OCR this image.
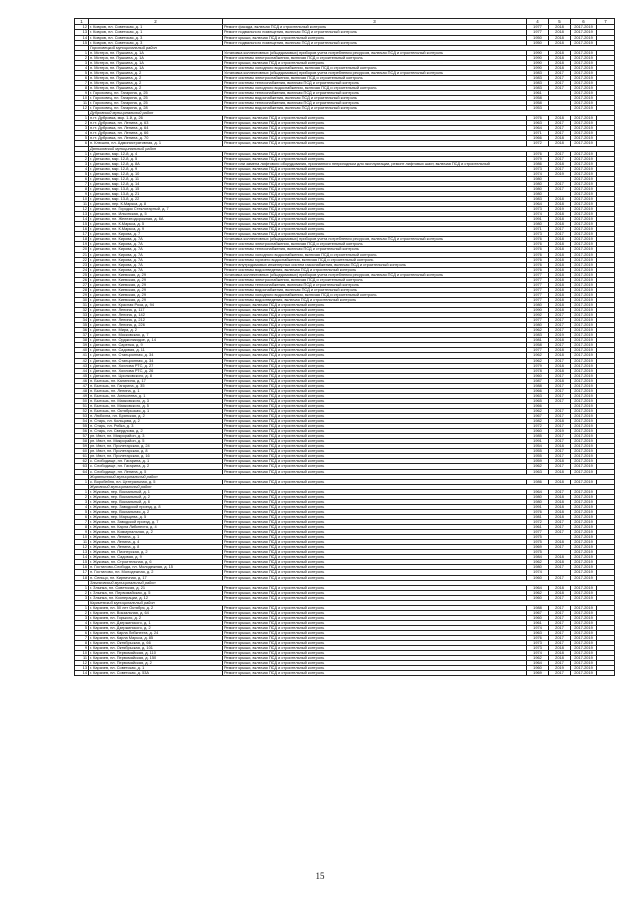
1	2	3	4	5	6	7
12	г. Ковров, пл. Советская, д. 1	Ремонт фасада, включая ПСД и строительный контроль	1977	2018	2017-2019	
13	г. Ковров, пл. Советская, д. 1	Ремонт подвального помещения, включая ПСД и строительный контроль	1977	2018	2017-2019	
14	г. Ковров, пл. Советская, д. 3	Ремонт крыши, включая ПСД и строительный контроль	1950	2018	2017-2019	
15	г. Ковров, пл. Советская, д. 3	Ремонт подвального помещения, включая ПСД и строительный контроль	1950	2018	2017-2019	
	Гороховецкий муниципальный район					
1	п. Мстера, пл. Пушкина, д. 1А	Установка коллективных (общедомовых) приборов учета потребления ресурсов, включая ПСД и строительный контроль	1990	2018	2017-2019	
2	п. Мстера, пл. Пушкина, д. 1А	Ремонт системы электроснабжения, включая ПСД и строительный контроль	1990	2018	2017-2019	
3	п. Мстера, пл. Пушкина, д. 1А	Ремонт крыши, включая ПСД и строительный контроль	1990	2018	2017-2019	
4	п. Мстера, пл. Пушкина, д. 1А	Ремонт системы холодного водоснабжения, включая ПСД и строительный контроль	1990	2018	2017-2019	
5	п. Мстера, пл. Пушкина, д. 2	Установка коллективных (общедомовых) приборов учета потребления ресурсов, включая ПСД и строительный контроль	1983	2017	2017-2019	
6	п. Мстера, пл. Пушкина, д. 2	Ремонт системы электроснабжения, включая ПСД и строительный контроль	1983	2017	2017-2019	
7	п. Мстера, пл. Пушкина, д. 2	Ремонт системы теплоснабжения, включая ПСД и строительный контроль	1983	2017	2017-2019	
8	п. Мстера, пл. Пушкина, д. 2	Ремонт системы холодного водоснабжения, включая ПСД и строительный контроль	1983	2017	2017-2019	
9	г. Гороховец, пл. Гагарина, д. 25	Ремонт системы теплоснабжения, включая ПСД и строительный контроль	1961		2017-2019	
10	г. Гороховец, пл. Гагарина, д. 25	Ремонт системы водоснабжения, включая ПСД и строительный контроль	1958		2017-2019	
11	г. Гороховец, пл. Гагарина, д. 25	Ремонт системы теплоснабжения, включая ПСД и строительный контроль	1958		2017-2019	
12	г. Гороховец, пл. Гагарина, д. 28	Ремонт системы водоснабжения, включая ПСД и строительный контроль	1953		2017-2019	
	Дубровский муниципальный район					
1	п.гт. Дубровка, мкр. 1-й, д. 26	Ремонт крыши, включая ПСД и строительный контроль	1976	2018	2017-2019	
2	п.гт. Дубровка, пл. Ленина, д. 63	Ремонт крыши, включая ПСД и строительный контроль	1963	2017	2017-2019	
3	п.гт. Дубровка, пл. Ленина, д. 64	Ремонт крыши, включая ПСД и строительный контроль	1964	2017	2017-2019	
4	п.гт. Дубровка, пл. Ленина, д. 66	Ремонт крыши, включая ПСД и строительный контроль	1971	2017	2017-2019	
5	п.гт. Дубровка, пл. Ленина, д. 70	Ремонт крыши, включая ПСД и строительный контроль	1966	2018	2017-2019	
6	п. Клюшня, пл. Административная, д. 1	Ремонт крыши, включая ПСД и строительный контроль	1972	2018	2017-2019	
	Дятьковский муниципальный район					
1	г. Дятьково, мкр. 12-й, д. 4	Ремонт крыши, включая ПСД и строительный контроль	1976	2017	2017-2019	
2	г. Дятьково, мкр. 12-й, д. 5	Ремонт крыши, включая ПСД и строительный контроль	1979	2017	2017-2019	
3	г. Дятьково, мкр. 12-й, д. 8А	Ремонт или замена лифтового оборудования, признанного непригодным для эксплуатации, ремонт лифтовых шахт, включая ПСД и строительный	1986	2018	2017-2019	
4	г. Дятьково, мкр. 12-й, д. 9	Ремонт крыши, включая ПСД и строительный контроль	1973	2017	2017-2019	
5	г. Дятьково, мкр. 12-й, д. 10	Ремонт крыши, включая ПСД и строительный контроль	1974	2019	2017-2019	
6	г. Дятьково, мкр. 12-й, д. 11	Ремонт крыши, включая ПСД и строительный контроль	1980		2017-2019	
7	г. Дятьково, мкр. 12-й, д. 14	Ремонт крыши, включая ПСД и строительный контроль	1980	2017	2017-2019	
8	г. Дятьково, мкр. 13-й, д. 15	Ремонт крыши, включая ПСД и строительный контроль	1980	2017	2017-2019	
9	г. Дятьково, мкр. 13-й, д. 21	Ремонт крыши, включая ПСД и строительный контроль	1980		2017-2019	
10	г. Дятьково, мкр. 13-й, д. 22	Ремонт крыши, включая ПСД и строительный контроль	1983	2018	2017-2019	
11	г. Дятьково, пер. К.Маркса, д. 8	Ремонт крыши, включая ПСД и строительный контроль	1964	2018	2017-2019	
12	г. Дятьково, пл. Городок Стеклотарный, д. 7	Ремонт крыши, включая ПСД и строительный контроль	1973	2019	2017-2019	
13	г. Дятьково, пл. Ильинская, д. 5	Ремонт крыши, включая ПСД и строительный контроль	1974	2018	2017-2019	
14	г. Дятьково, пл. Железнодорожная, д. 6А	Ремонт крыши, включая ПСД и строительный контроль	1991	2018	2017-2019	
15	г. Дятьково, пл. К.Маркса, д. 5	Ремонт крыши, включая ПСД и строительный контроль	1980	2018	2017-2019	
16	г. Дятьково, пл. К.Маркса, д. 9	Ремонт крыши, включая ПСД и строительный контроль	1971	2017	2017-2019	
17	г. Дятьково, пл. Кирова, д. 7	Ремонт крыши, включая ПСД и строительный контроль	1973	2017	2017-2019	
18	г. Дятьково, пл. Кирова, д. 7А	Установка коллективных (общедомовых) приборов учета потребления ресурсов, включая ПСД и строительный контроль	1976	2018	2017-2019	
19	г. Дятьково, пл. Кирова, д. 7А	Ремонт системы электроснабжения, включая ПСД и строительный контроль	1976	2018	2017-2019	
20	г. Дятьково, пл. Кирова, д. 7А	Ремонт системы теплоснабжения, включая ПСД и строительный контроль	1976	2018	2017-2019	
21	г. Дятьково, пл. Кирова, д. 7А	Ремонт системы холодного водоснабжения, включая ПСД и строительный контроль	1976	2018	2017-2019	
22	г. Дятьково, пл. Кирова, д. 7А	Ремонт системы горячего водоснабжения, включая ПСД и строительный контроль	1976	2018	2017-2019	
23	г. Дятьково, пл. Кирова, д. 7А	Ремонт внутридомовых инженерных систем газоснабжения, включая ПСД и строительный контроль	1976	2018	2017-2019	
24	г. Дятьково, пл. Кирова, д. 7А	Ремонт системы водоотведения, включая ПСД и строительный контроль	1976	2018	2017-2019	
25	г. Дятьково, пл. Киевская, д. 29	Установка коллективных (общедомовых) приборов учета потребления ресурсов, включая ПСД и строительный контроль	1977	2018	2017-2019	
26	г. Дятьково, пл. Киевская, д. 29	Ремонт системы электроснабжения, включая ПСД и строительный контроль	1977	2018	2017-2019	
27	г. Дятьково, пл. Киевская, д. 29	Ремонт системы теплоснабжения, включая ПСД и строительный контроль	1977	2018	2017-2019	
28	г. Дятьково, пл. Киевская, д. 29	Ремонт системы водоснабжения, включая ПСД и строительный контроль	1977	2018	2017-2019	
29	г. Дятьково, пл. Киевская, д. 29	Ремонт системы холодного водоснабжения, включая ПСД и строительный контроль	1977	2018	2017-2019	
30	г. Дятьково, пл. Киевская, д. 29	Ремонт системы водоотведения, включая ПСД и строительный контроль	1977	2018	2017-2019	
31	г. Дятьково, пл. Красная Роза, д. 94	Ремонт крыши, включая ПСД и строительный контроль	1980	2018	2017-2019	
32	г. Дятьково, пл. Ленина, д. 117	Ремонт крыши, включая ПСД и строительный контроль	1990	2018	2017-2019	
33	г. Дятьково, пл. Ленина, д. 142	Ремонт крыши, включая ПСД и строительный контроль	1992	2017	2017-2019	
34	г. Дятьково, пл. Ленина, д. 212	Ремонт крыши, включая ПСД и строительный контроль	1977	2017	2017-2019	
35	г. Дятьково, пл. Ленина, д. 226	Ремонт крыши, включая ПСД и строительный контроль	1980	2017	2017-2019	
36	г. Дятьково, пл. Мира, д. 2	Ремонт крыши, включая ПСД и строительный контроль	1962	2017	2017-2019	
37	г. Дятьково, пл. Московская, д. 7	Ремонт крыши, включая ПСД и строительный контроль	1983	2019	2017-2019	
38	г. Дятьково, пл. Орджоникидзе, д. 14	Ремонт крыши, включая ПСД и строительный контроль	1981	2018	2017-2019	
39	г. Дятьково, пл. Саренка, д. 9	Ремонт крыши, включая ПСД и строительный контроль	1958	2017	2017-2019	
40	г. Дятьково, пл. Садовая, д. 11	Ремонт крыши, включая ПСД и строительный контроль	1977	2018	2017-2019	
41	г. Дятьково, пл. Станционная, д. 34	Ремонт крыши, включая ПСД и строительный контроль	1962	2018	2017-2019	
42	г. Дятьково, пл. Станционная, д. 34	Ремонт крыши, включая ПСД и строительный контроль	1962	2017	2017-2019	
43	г. Дятьково, пл. Хохлова РТС, д. 27	Ремонт крыши, включая ПСД и строительный контроль	1979	2018	2017-2019	
44	г. Дятьково, пл. Хохлова РТС, д. 26	Ремонт крыши, включая ПСД и строительный контроль	1978	2018	2017-2019	
45	г. Дятьково, пл. Циолковского, д. 8	Ремонт крыши, включая ПСД и строительный контроль	1960	2017	2017-2019	
46	п. Бытошь, пл. Калинина, д. 17	Ремонт крыши, включая ПСД и строительный контроль	1987	2018	2017-2019	
47	п. Бытошь, пл. Гагарина, д. 35	Ремонт крыши, включая ПСД и строительный контроль	1988	2017	2017-2019	
48	п. Бытошь, пл. Ленина, д. 1	Ремонт крыши, включая ПСД и строительный контроль	1966	2017	2017-2019	
49	п. Бытошь, пл. Алексеева, д. 1	Ремонт крыши, включая ПСД и строительный контроль	1963	2017	2017-2019	
50	п. Бытошь, пл. Маяковского, д. 3	Ремонт крыши, включая ПСД и строительный контроль	1965	2017	2017-2019	
51	п. Бытошь, пл. Маяковского, д. 5	Ремонт крыши, включая ПСД и строительный контроль	1966		2017-2019	
52	п. Бытошь, пл. Октябрьская, д. 1	Ремонт крыши, включая ПСД и строительный контроль	1962	2017	2017-2019	
53	п. Любохна, пл. Брянская, д. 2	Ремонт крыши, включая ПСД и строительный контроль	1967	2017	2017-2019	
54	п. Старь, пл. Кольцова, д. 2	Ремонт крыши, включая ПСД и строительный контроль	1982	2018	2017-2019	
55	п. Старь, пл. Рябка, д. 3	Ремонт крыши, включая ПСД и строительный контроль	1972	2017	2017-2019	
56	п. Старь, пл. Свердлова, д. 2	Ремонт крыши, включая ПСД и строительный контроль	1960	2019	2017-2019	
57	рп. Ивот, пл. Микрорайон, д. 3	Ремонт крыши, включая ПСД и строительный контроль	1985	2017	2017-2019	
58	рп. Ивот, пл. Микрорайон, д. 5	Ремонт крыши, включая ПСД и строительный контроль	1991	2017	2017-2019	
59	рп. Ивот, пл. Пролетарская, д. 24	Ремонт крыши, включая ПСД и строительный контроль	1954	2018	2017-2019	
60	рп. Ивот, пл. Пролетарская, д. 8	Ремонт крыши, включая ПСД и строительный контроль	1955	2017	2017-2019	
61	рп. Ивот, пл. Пролетарская, д. 16	Ремонт крыши, включая ПСД и строительный контроль	1955	2017	2017-2019	
62	с. Слободище, пл. Гагарина, д. 1	Ремонт крыши, включая ПСД и строительный контроль	1959	2018	2017-2019	
63	с. Слободище, пл. Гагарина, д. 2	Ремонт крыши, включая ПСД и строительный контроль	1962	2017	2017-2019	
64	с. Слободище, пл. Ленина, д. 5	Ремонт крыши, включая ПСД и строительный контроль	1963	2018	2017-2019	
	Жирятинский муниципальный район					
1	с. Воробейня, пл. Центральная, д. 5	Ремонт крыши, включая ПСД и строительный контроль	1986	2018	2017-2019	
	Жуковский муниципальный район					
1	г. Жуковка, пер. Вокзальный, д. 1	Ремонт крыши, включая ПСД и строительный контроль	1964	2017	2017-2019	
2	г. Жуковка, пер. Вокзальный, д. 2	Ремонт крыши, включая ПСД и строительный контроль	1980	2018	2017-2019	
3	г. Жуковка, пер. Вокзальный, д. 6	Ремонт крыши, включая ПСД и строительный контроль	1980	2018	2017-2019	
4	г. Жуковка, пер. Заводской проезд, д. 8	Ремонт крыши, включая ПСД и строительный контроль	1991	2018	2017-2019	
5	г. Жуковка, пер. Вокзальная, д. 2	Ремонт крыши, включая ПСД и строительный контроль	1976	2018	2017-2019	
6	г. Жуковка, пер. Марьцева, д. 5	Ремонт крыши, включая ПСД и строительный контроль	1981	2018	2017-2019	
7	г. Жуковка, пл. Заводской проезд, д. 7	Ремонт крыши, включая ПСД и строительный контроль	1972	2017	2017-2019	
8	г. Жуковка, пл. Карла Либкнехта, д. 4	Ремонт крыши, включая ПСД и строительный контроль	1961	2017	2017-2019	
9	г. Жуковка, пл. Коммунальная, д. 2	Ремонт крыши, включая ПСД и строительный контроль	1977	2017	2017-2019	
10	г. Жуковка, пл. Ленина, д. 1	Ремонт крыши, включая ПСД и строительный контроль	1975		2017-2019	
11	г. Жуковка, пл. Ленина, д. 4	Ремонт крыши, включая ПСД и строительный контроль	1975	2018	2017-2019	
12	г. Жуковка, пл. Ленина, д. 8	Ремонт крыши, включая ПСД и строительный контроль	1969	2017	2017-2019	
13	г. Жуковка, пл. Пионерская, д. 2	Ремонт крыши, включая ПСД и строительный контроль	1975		2017-2019	
14	г. Жуковка, пл. Садовая, д. 9	Ремонт крыши, включая ПСД и строительный контроль	1984	2018	2017-2019	
15	г. Жуковка, пл. Строительная, д. 6	Ремонт крыши, включая ПСД и строительный контроль	1962	2018	2017-2019	
16	п. Гостилово-Слобода, пл. Молодежная, д. 15	Ремонт крыши, включая ПСД и строительный контроль	1980	2017	2017-2019	
17	п. Гостилово, пл. Молодежная, д. 2	Ремонт крыши, включая ПСД и строительный контроль	1974		2017-2019	
18	п. Сельцо, пл. Кирпичная, д. 17	Ремонт крыши, включая ПСД и строительный контроль	1960	2017	2017-2019	
	Злынковский муниципальный район					
1	г. Злынка, пл. Советская, д. 21	Ремонт крыши, включая ПСД и строительный контроль	1964	2018	2017-2019	
2	г. Злынка, пл. Первомайская, д. 5	Ремонт крыши, включая ПСД и строительный контроль	1962	2018	2017-2019	
3	г. Злынка, пл. Кооперации, д. 12	Ремонт крыши, включая ПСД и строительный контроль	1960	2017	2017-2019	
	Карачевский муниципальный район					
1	г. Карачев, пл. 50 лет Октября, д. 2	Ремонт крыши, включая ПСД и строительный контроль	1988	2017	2017-2019	
2	г. Карачев, пл. Вокзальная, д. 64	Ремонт крыши, включая ПСД и строительный контроль	1967	2017	2017-2019	
3	г. Карачев, пл. Горького, д. 2	Ремонт крыши, включая ПСД и строительный контроль	1960	2017	2017-2019	
4	г. Карачев, пл. Дзержинского, д. 1	Ремонт крыши, включая ПСД и строительный контроль	1961	2017	2017-2019	
5	г. Карачев, пл. Дзержинского, д. 2	Ремонт крыши, включая ПСД и строительный контроль	1974	2017	2017-2019	
6	г. Карачев, пл. Карла Либкнехта, д. 24	Ремонт крыши, включая ПСД и строительный контроль	1963	2017	2017-2019	
7	г. Карачев, пл. Карла Маркса, д. 85	Ремонт крыши, включая ПСД и строительный контроль	1976	2017	2017-2019	
8	г. Карачев, пл. Октябрьская, д. 66	Ремонт крыши, включая ПСД и строительный контроль	1973	2017	2017-2019	
9	г. Карачев, пл. Октябрьская, д. 101	Ремонт крыши, включая ПСД и строительный контроль	1973	2018	2017-2019	
10	г. Карачев, пл. Первомайская, д. 110	Ремонт крыши, включая ПСД и строительный контроль	1974	2018	2017-2019	
11	г. Карачев, пл. Первомайская, д. 150	Ремонт крыши, включая ПСД и строительный контроль	1962	2018	2017-2019	
12	г. Карачев, пл. Первомайская, д. 2	Ремонт крыши, включая ПСД и строительный контроль	1964	2017	2017-2019	
13	г. Карачев, пл. Советская, д. 1	Ремонт крыши, включая ПСД и строительный контроль	1960	2019	2017-2019	
14	г. Карачев, пл. Советская, д. 53А	Ремонт крыши, включая ПСД и строительный контроль	1969	2017	2017-2019	
15
